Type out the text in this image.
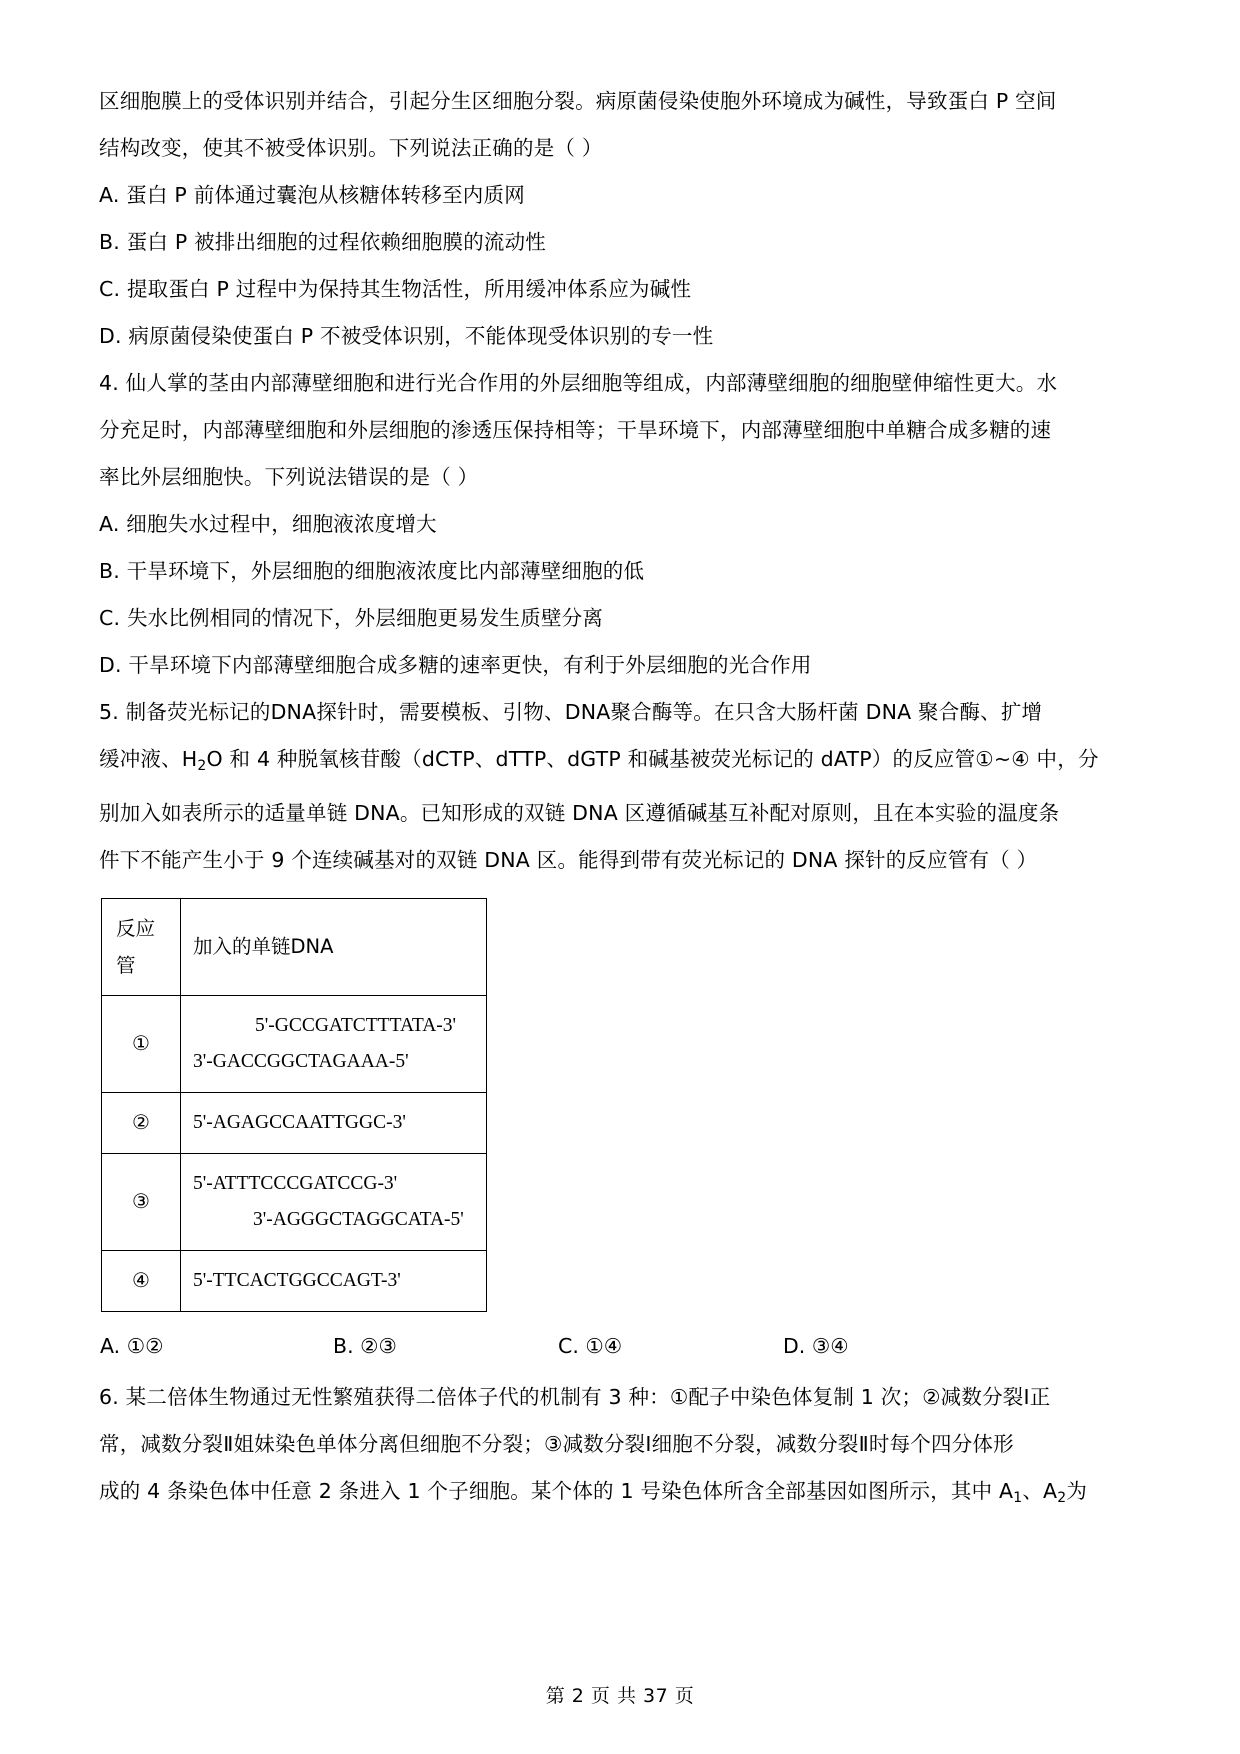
区细胞膜上的受体识别并结合，引起分生区细胞分裂。病原菌侵染使胞外环境成为碱性，导致蛋白 P 空间

结构改变，使其不被受体识别。下列说法正确的是（ ）

A. 蛋白 P 前体通过囊泡从核糖体转移至内质网

B. 蛋白 P 被排出细胞的过程依赖细胞膜的流动性

C. 提取蛋白 P 过程中为保持其生物活性，所用缓冲体系应为碱性

D. 病原菌侵染使蛋白 P 不被受体识别，不能体现受体识别的专一性

4. 仙人掌的茎由内部薄壁细胞和进行光合作用的外层细胞等组成，内部薄壁细胞的细胞壁伸缩性更大。水

分充足时，内部薄壁细胞和外层细胞的渗透压保持相等；干旱环境下，内部薄壁细胞中单糖合成多糖的速

率比外层细胞快。下列说法错误的是（ ）

A. 细胞失水过程中，细胞液浓度增大

B. 干旱环境下，外层细胞的细胞液浓度比内部薄壁细胞的低

C. 失水比例相同的情况下，外层细胞更易发生质壁分离

D. 干旱环境下内部薄壁细胞合成多糖的速率更快，有利于外层细胞的光合作用

5. 制备荧光标记的DNA探针时，需要模板、引物、DNA聚合酶等。在只含大肠杆菌 DNA 聚合酶、扩增

缓冲液、$H_2O$ 和 4 种脱氧核苷酸（dCTP、dTTP、dGTP 和碱基被荧光标记的 dATP）的反应管①~④ 中，分

别加入如表所示的适量单链 DNA。已知形成的双链 DNA 区遵循碱基互补配对原则，且在本实验的温度条

件下不能产生小于 9 个连续碱基对的双链 DNA 区。能得到带有荧光标记的 DNA 探针的反应管有（ ）

反应
管	加入的单链DNA

①	5'-GCCGATCTTTATA-3'
3'-GACCGGCTAGAAA-5'

②	5'-AGAGCCAATTGGC-3'

③	5'-ATTTCCCGATCCG-3'
3'-AGGGCTAGGCATA-5'

④	5'-TTCACTGGCCAGT-3'
A. ①②	B. ②③	C. ①④	D. ③④

6. 某二倍体生物通过无性繁殖获得二倍体子代的机制有 3 种：①配子中染色体复制 1 次；②减数分裂Ⅰ正

常，减数分裂Ⅱ姐妹染色单体分离但细胞不分裂；③减数分裂Ⅰ细胞不分裂，减数分裂Ⅱ时每个四分体形

成的 4 条染色体中任意 2 条进入 1 个子细胞。某个体的 1 号染色体所含全部基因如图所示，其中 $A_1$、$A_2$为

第 2 页 共 37 页
